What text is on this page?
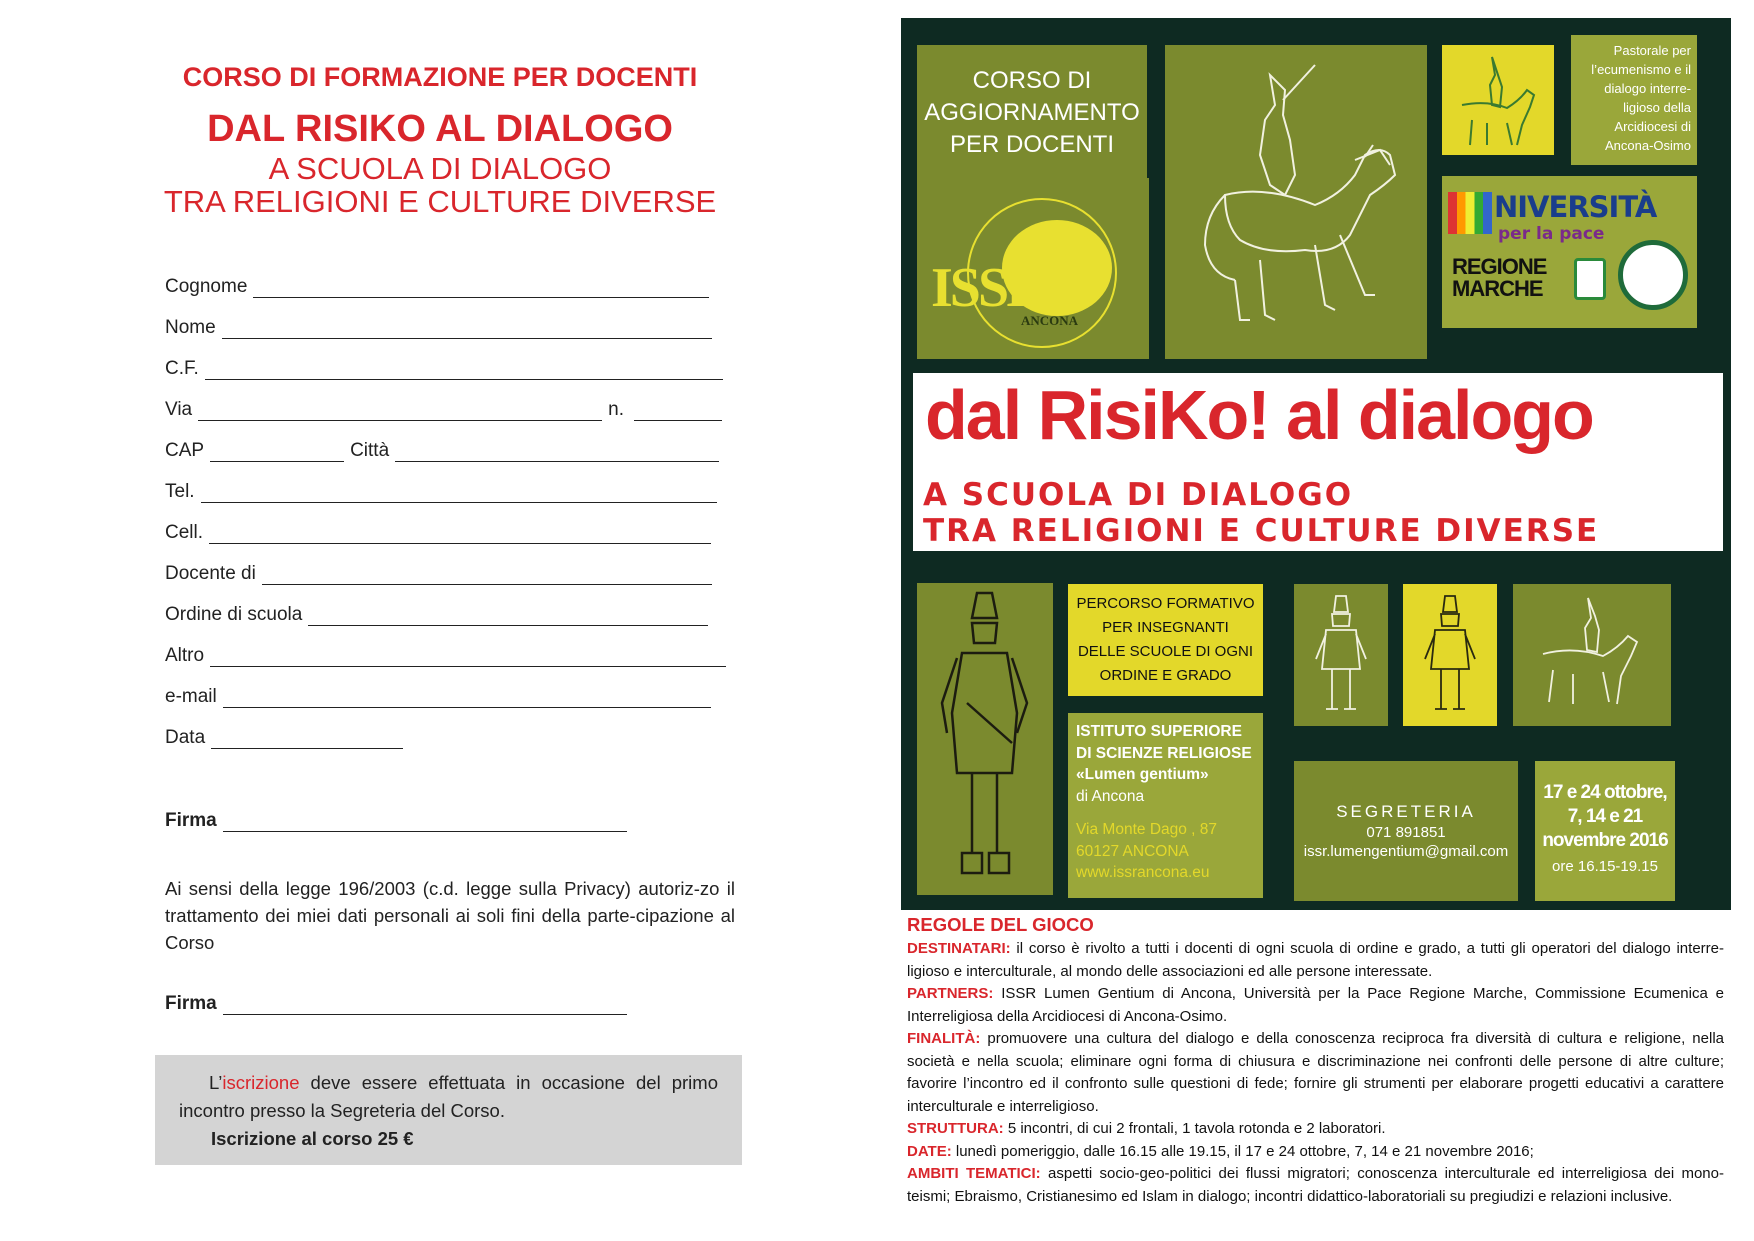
CORSO DI FORMAZIONE PER DOCENTI
DAL RISIKO AL DIALOGO
A SCUOLA DI DIALOGO
TRA RELIGIONI E CULTURE DIVERSE
Cognome
Nome
C.F.
Via	n.
CAP	Città
Tel.
Cell.
Docente di
Ordine di scuola
Altro
e-mail
Data
Firma
Ai sensi della legge 196/2003 (c.d. legge sulla Privacy) autoriz-zo il trattamento dei miei dati personali ai soli fini della parte-cipazione al Corso
Firma

L’iscrizione deve essere effettuata in occasione del primo incontro presso la Segreteria del Corso.

Iscrizione al corso 25 €

CORSO DI
AGGIORNAMENTO
PER DOCENTI
ISSR
ANCONA
Pastorale per l’ecumenismo e il dialogo interre-ligioso della Arcidiocesi di Ancona-Osimo
NIVERSITÀ
per la pace
REGIONE
MARCHE
dal RisiKo! al dialogo
A SCUOLA DI DIALOGO
TRA RELIGIONI E CULTURE DIVERSE
PERCORSO FORMATIVO
PER INSEGNANTI
DELLE SCUOLE DI OGNI
ORDINE E GRADO
ISTITUTO SUPERIORE
DI SCIENZE RELIGIOSE
«Lumen gentium»
di Ancona
Via Monte Dago , 87
60127 ANCONA
www.issrancona.eu
SEGRETERIA
071 891851
issr.lumengentium@gmail.com
17 e 24 ottobre,
7, 14 e 21
novembre 2016
ore 16.15-19.15
REGOLE DEL GIOCO

DESTINATARI: il corso è rivolto a tutti i docenti di ogni scuola di ordine e grado, a tutti gli operatori del dialogo interre-ligioso e interculturale, al mondo delle associazioni ed alle persone interessate.

PARTNERS: ISSR Lumen Gentium di Ancona, Università per la Pace Regione Marche, Commissione Ecumenica e Interreligiosa della Arcidiocesi di Ancona-Osimo.

FINALITÀ: promuovere una cultura del dialogo e della conoscenza reciproca fra diversità di cultura e religione, nella società e nella scuola; eliminare ogni forma di chiusura e discriminazione nei confronti delle persone di altre culture; favorire l’incontro ed il confronto sulle questioni di fede; fornire gli strumenti per elaborare progetti educativi a carattere interculturale e interreligioso.

STRUTTURA: 5 incontri, di cui 2 frontali, 1 tavola rotonda e 2 laboratori.

DATE: lunedì pomeriggio, dalle 16.15 alle 19.15, il 17 e 24 ottobre, 7, 14 e 21 novembre 2016;

AMBITI TEMATICI: aspetti socio-geo-politici dei flussi migratori; conoscenza interculturale ed interreligiosa dei mono-teismi; Ebraismo, Cristianesimo ed Islam in dialogo; incontri didattico-laboratoriali su pregiudizi e relazioni inclusive.
